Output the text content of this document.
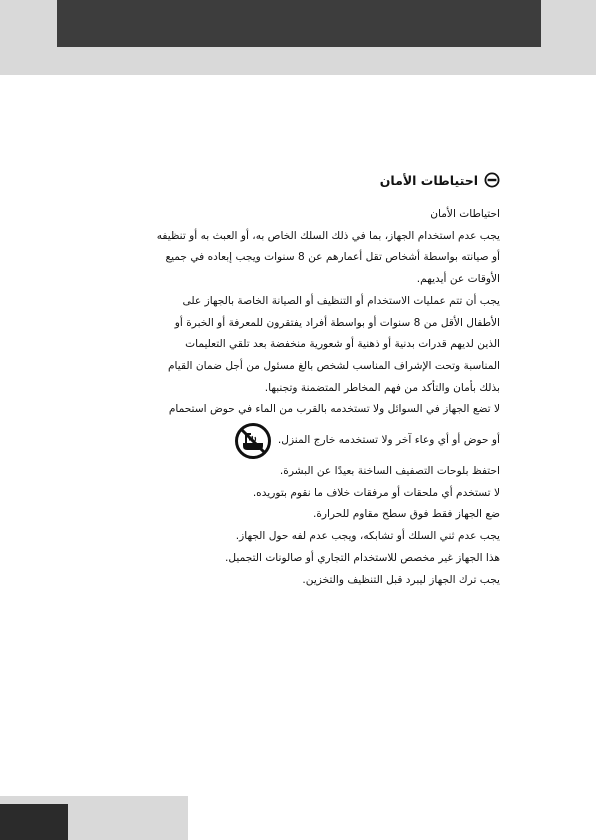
احتياطات الأمان
احتياطات الأمان
يجب عدم استخدام الجهاز، بما في ذلك السلك الخاص به، أو العبث به أو تنظيفه
أو صيانته بواسطة أشخاص تقل أعمارهم عن 8 سنوات ويجب إبعاده في جميع
الأوقات عن أيديهم.
يجب أن تتم عمليات الاستخدام أو التنظيف أو الصيانة الخاصة بالجهاز على
الأطفال الأقل من 8 سنوات أو بواسطة أفراد يفتقرون للمعرفة أو الخبرة أو
الذين لديهم قدرات بدنية أو ذهنية أو شعورية منخفضة بعد تلقي التعليمات
المناسبة وتحت الإشراف المناسب لشخص بالغ مسئول من أجل ضمان القيام
بذلك بأمان والتأكد من فهم المخاطر المتضمنة وتجنبها.
لا تضع الجهاز في السوائل ولا تستخدمه بالقرب من الماء في حوض استحمام
أو حوض أو أي وعاء آخر ولا تستخدمه خارج المنزل.
احتفظ بلوحات التصفيف الساخنة بعيدًا عن البشرة.
لا تستخدم أي ملحقات أو مرفقات خلاف ما نقوم بتوريده.
ضع الجهاز فقط فوق سطح مقاوم للحرارة.
يجب عدم ثني السلك أو تشابكه، ويجب عدم لفه حول الجهاز.
هذا الجهاز غير مخصص للاستخدام التجاري أو صالونات التجميل.
يجب ترك الجهاز ليبرد قبل التنظيف والتخزين.
